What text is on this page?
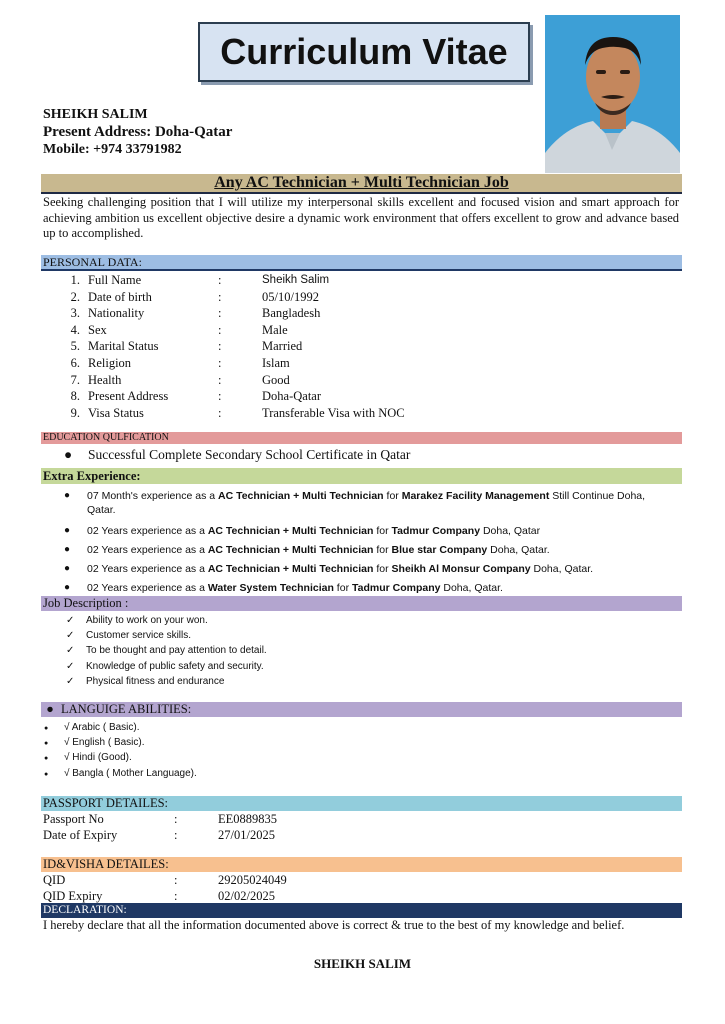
Curriculum Vitae
SHEIKH SALIM
Present Address: Doha-Qatar
Mobile: +974 33791982
Any AC Technician + Multi Technician Job
Seeking challenging position that I will utilize my interpersonal skills excellent and focused vision and smart approach for achieving ambition us excellent objective desire a dynamic work environment that offers excellent to grow and advance based up to accomplished.
PERSONAL DATA:
1. Full Name	:	Sheikh Salim
2. Date of birth	:	05/10/1992
3. Nationality	:	Bangladesh
4. Sex	:	Male
5. Marital Status	:	Married
6. Religion	:	Islam
7. Health	:	Good
8. Present Address	:	Doha-Qatar
9. Visa Status	:	Transferable Visa with NOC
EDUCATION QULFICATION
● Successful Complete Secondary School Certificate in Qatar
Extra Experience:
● 07 Month's experience as a AC Technician + Multi Technician for Marakez Facility Management Still Continue Doha, Qatar.
● 02 Years experience as a AC Technician + Multi Technician for Tadmur Company Doha, Qatar
● 02 Years experience as a AC Technician + Multi Technician for Blue star Company Doha, Qatar.
● 02 Years experience as a AC Technician + Multi Technician for Sheikh Al Monsur Company Doha, Qatar.
● 02 Years experience as a Water System Technician for Tadmur Company Doha, Qatar.
Job Description :
✓ Ability to work on your won.
✓ Customer service skills.
✓ To be thought and pay attention to detail.
✓ Knowledge of public safety and security.
✓ Physical fitness and endurance
● LANGUIGE ABILITIES:
● √ Arabic ( Basic).
● √ English ( Basic).
● √ Hindi (Good).
● √ Bangla ( Mother Language).
PASSPORT DETAILES:
Passport No	:	EE0889835
Date of Expiry	:	27/01/2025
ID&VISHA DETAILES:
QID	:	29205024049
QID Expiry	:	02/02/2025
DECLARATION:
I hereby declare that all the information documented above is correct & true to the best of my knowledge and belief.
SHEIKH SALIM
